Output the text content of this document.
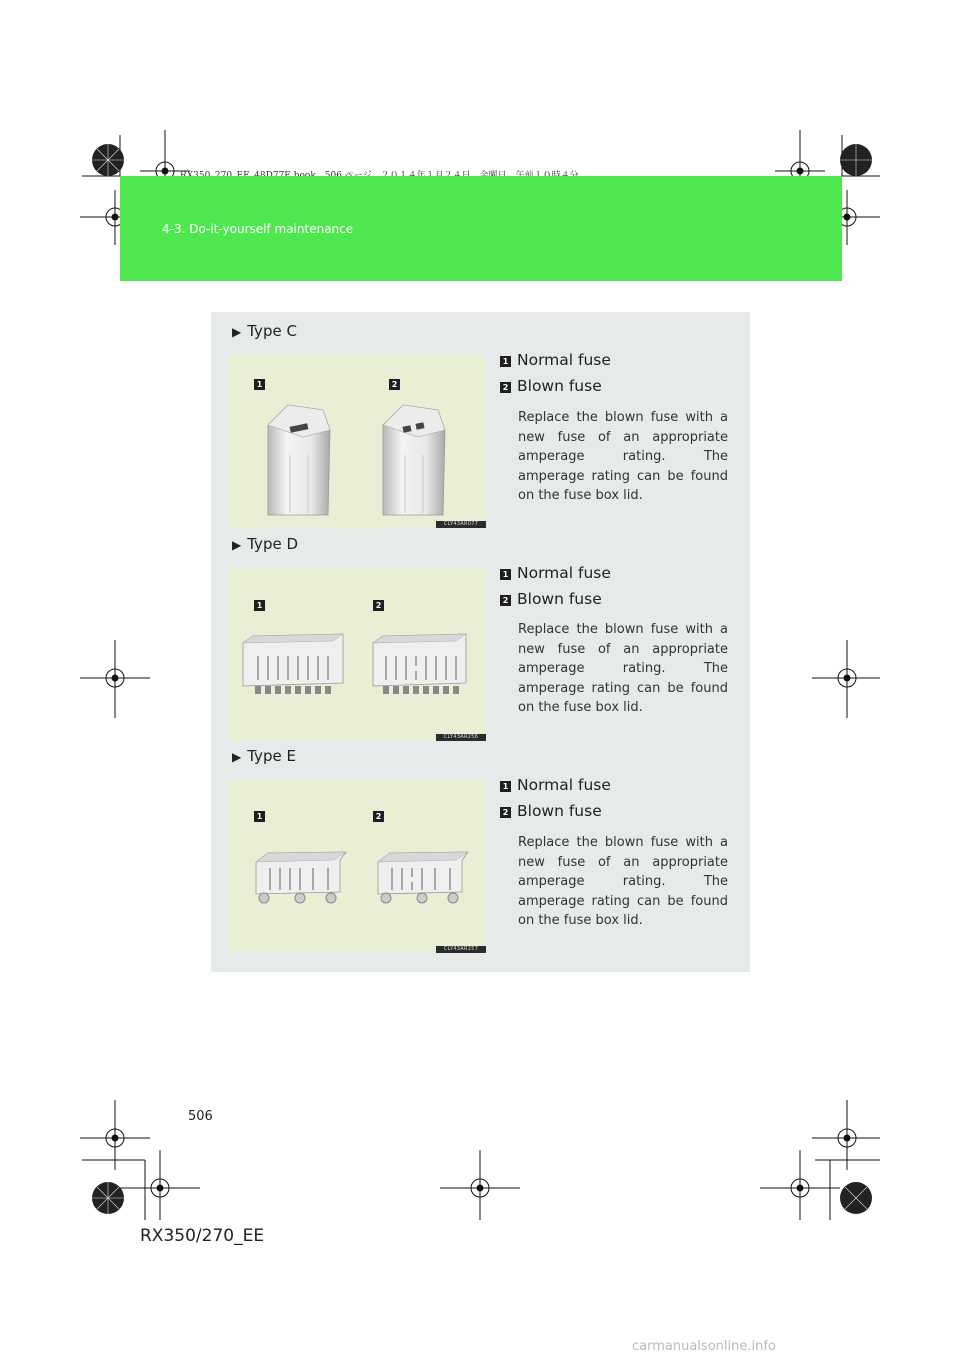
4-3. Do-it-yourself maintenance
▶ Type C
1	2
CLY43AR077
1 Normal fuse
2 Blown fuse
Replace the blown fuse with a new fuse of an appropriate amperage rating. The amperage rating can be found on the fuse box lid.
▶ Type D
1	2
CLY43AR256
1 Normal fuse
2 Blown fuse
Replace the blown fuse with a new fuse of an appropriate amperage rating. The amperage rating can be found on the fuse box lid.
▶ Type E
1	2
CLY43AR257
1 Normal fuse
2 Blown fuse
Replace the blown fuse with a new fuse of an appropriate amperage rating. The amperage rating can be found on the fuse box lid.
506
RX350/270_EE
carmanualsonline.info
